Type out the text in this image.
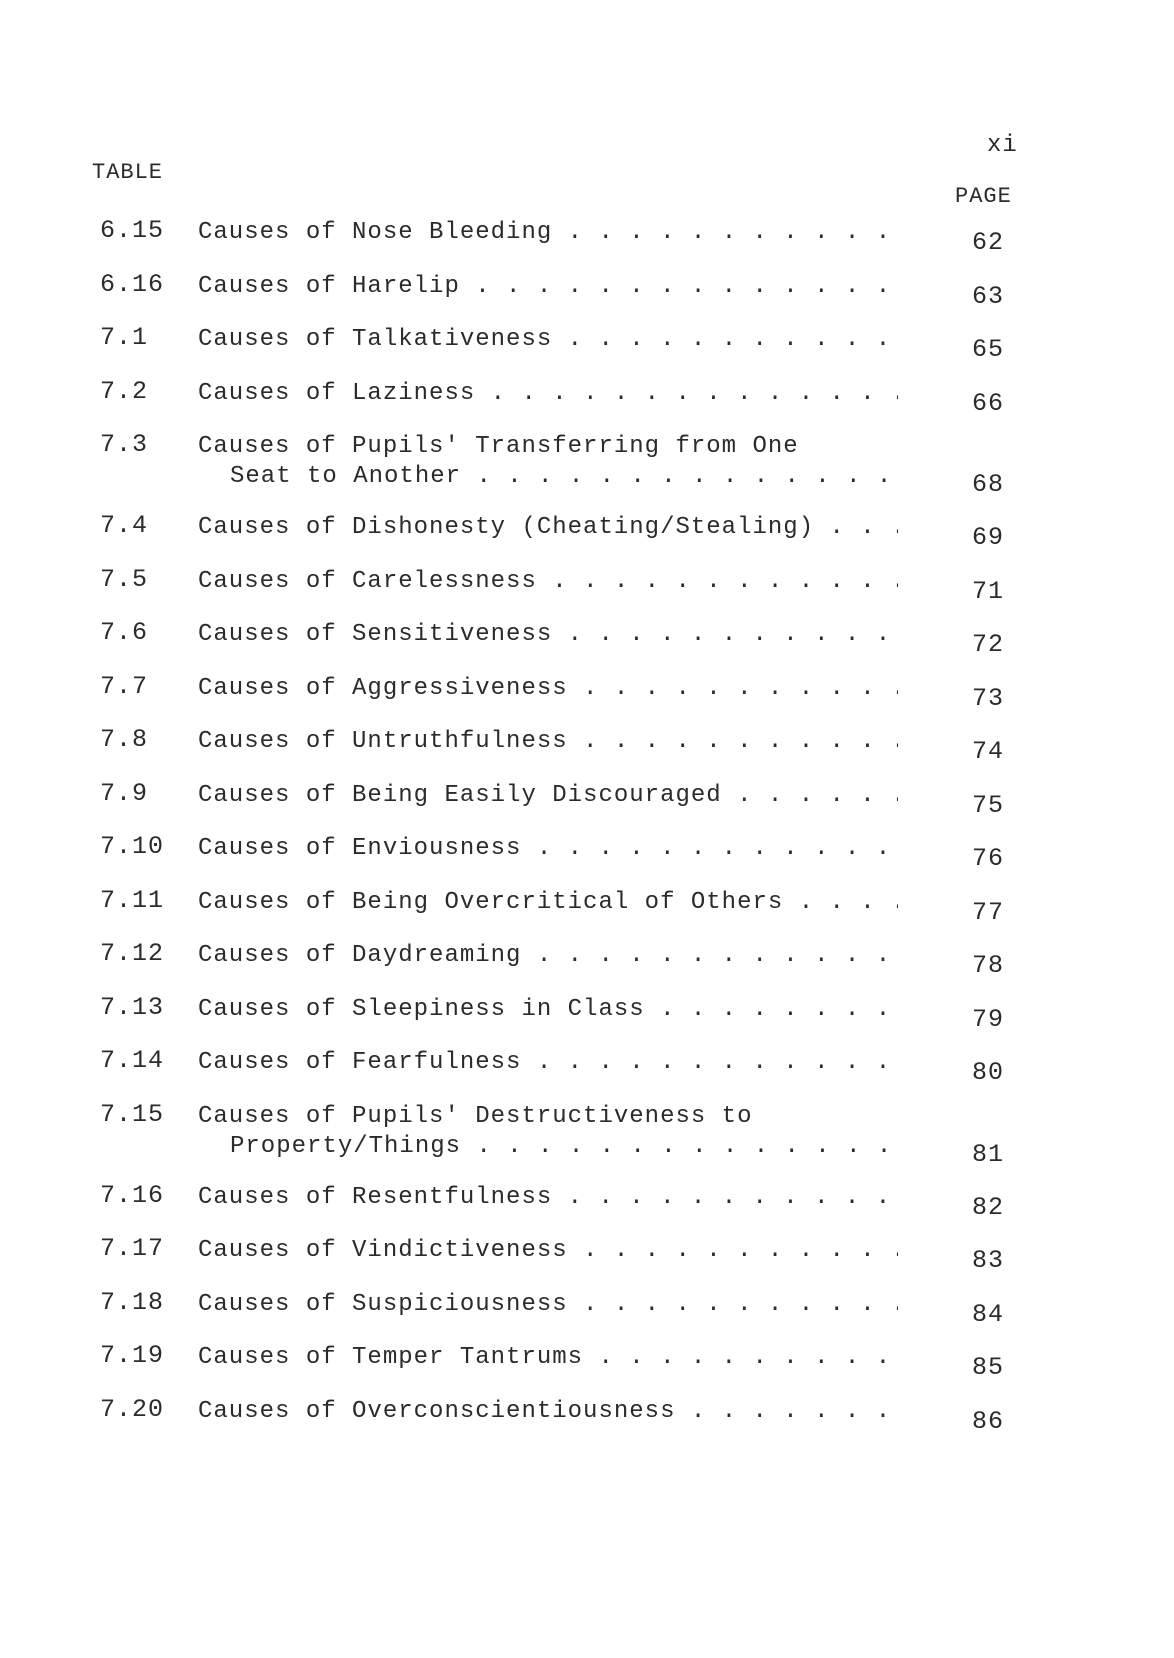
xi
TABLE
PAGE
6.15 Causes of Nose Bleeding . . .	62
6.16 Causes of Harelip . . .	63
7.1 Causes of Talkativeness . . .	65
7.2 Causes of Laziness . . .	66
7.3 Causes of Pupils' Transferring from One
Seat to Another . . .	68
7.4 Causes of Dishonesty (Cheating/Stealing) . . .	69
7.5 Causes of Carelessness . . .	71
7.6 Causes of Sensitiveness . . .	72
7.7 Causes of Aggressiveness . . .	73
7.8 Causes of Untruthfulness . . .	74
7.9 Causes of Being Easily Discouraged . . .	75
7.10 Causes of Enviousness . . .	76
7.11 Causes of Being Overcritical of Others . . .	77
7.12 Causes of Daydreaming . . .	78
7.13 Causes of Sleepiness in Class . . .	79
7.14 Causes of Fearfulness . . .	80
7.15 Causes of Pupils' Destructiveness to
Property/Things . . .	81
7.16 Causes of Resentfulness . . .	82
7.17 Causes of Vindictiveness . . .	83
7.18 Causes of Suspiciousness . . .	84
7.19 Causes of Temper Tantrums . . .	85
7.20 Causes of Overconscientiousness . . .	86
